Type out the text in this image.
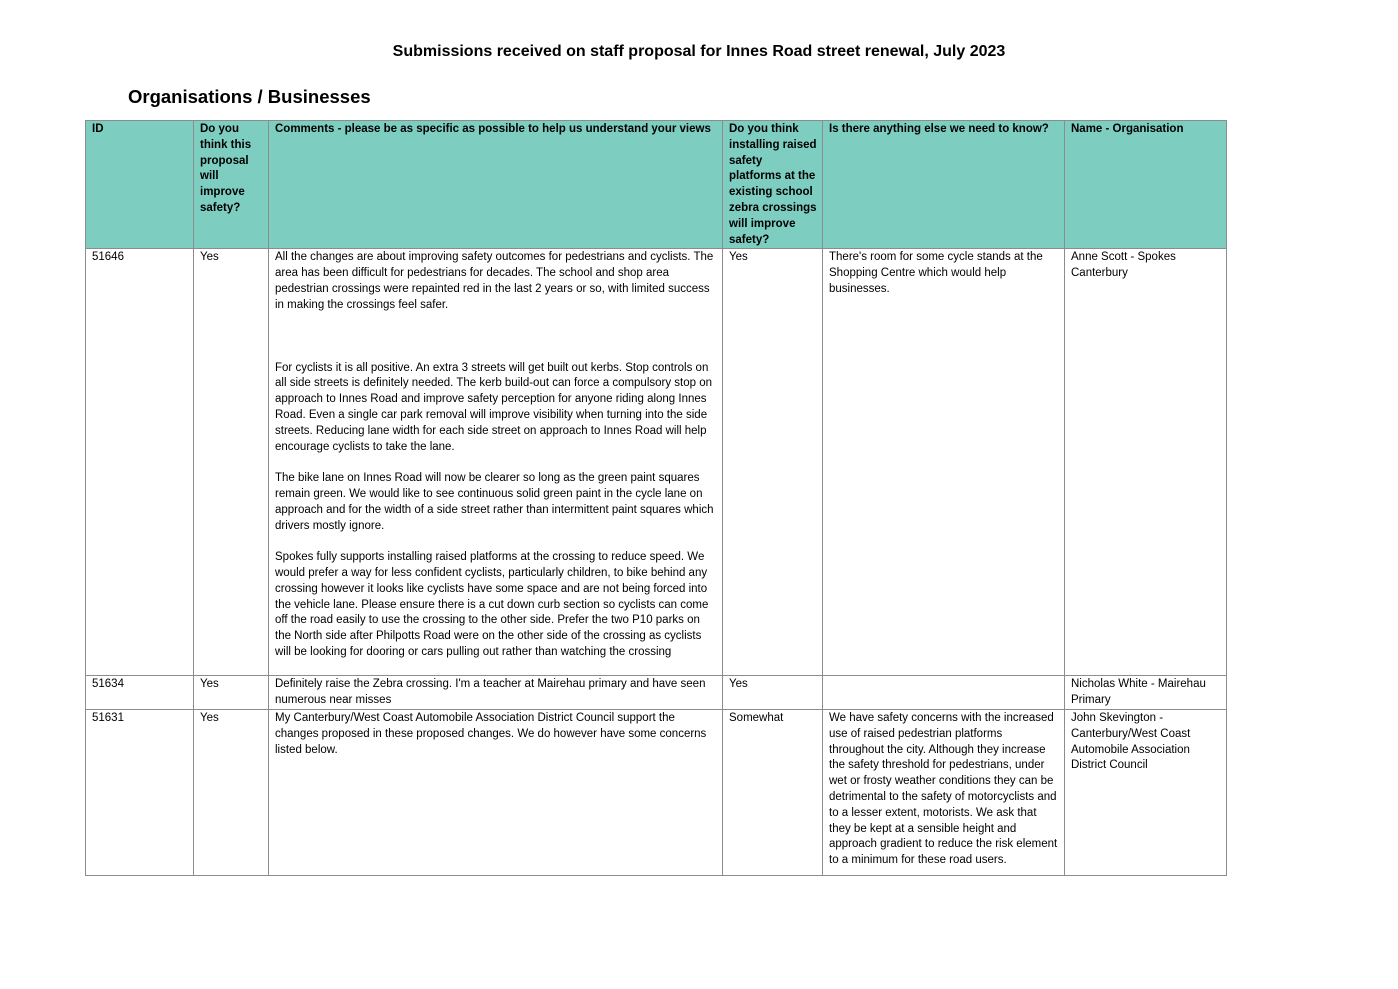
Submissions received on staff proposal for Innes Road street renewal, July 2023
Organisations / Businesses
ID	Do you think this proposal will improve safety?	Comments - please be as specific as possible to help us understand your views	Do you think installing raised safety platforms at the existing school zebra crossings will improve safety?	Is there anything else we need to know?	Name - Organisation
51646	Yes	All the changes are about improving safety outcomes for pedestrians and cyclists. The area has been difficult for pedestrians for decades. The school and shop area pedestrian crossings were repainted red in the last 2 years or so, with limited success in making the crossings feel safer.

For cyclists it is all positive. An extra 3 streets will get built out kerbs. Stop controls on all side streets is definitely needed. The kerb build-out can force a compulsory stop on approach to Innes Road and improve safety perception for anyone riding along Innes Road. Even a single car park removal will improve visibility when turning into the side streets. Reducing lane width for each side street on approach to Innes Road will help encourage cyclists to take the lane.

The bike lane on Innes Road will now be clearer so long as the green paint squares remain green. We would like to see continuous solid green paint in the cycle lane on approach and for the width of a side street rather than intermittent paint squares which drivers mostly ignore.

Spokes fully supports installing raised platforms at the crossing to reduce speed. We would prefer a way for less confident cyclists, particularly children, to bike behind any crossing however it looks like cyclists have some space and are not being forced into the vehicle lane. Please ensure there is a cut down curb section so cyclists can come off the road easily to use the crossing to the other side. Prefer the two P10 parks on the North side after Philpotts Road were on the other side of the crossing as cyclists will be looking for dooring or cars pulling out rather than watching the crossing	Yes	There's room for some cycle stands at the Shopping Centre which would help businesses.	Anne Scott - Spokes Canterbury
51634	Yes	Definitely raise the Zebra crossing. I'm a teacher at Mairehau primary and have seen numerous near misses	Yes		Nicholas White - Mairehau Primary
51631	Yes	My Canterbury/West Coast Automobile Association District Council support the changes proposed in these proposed changes. We do however have some concerns listed below.	Somewhat	We have safety concerns with the increased use of raised pedestrian platforms throughout the city. Although they increase the safety threshold for pedestrians, under wet or frosty weather conditions they can be detrimental to the safety of motorcyclists and to a lesser extent, motorists. We ask that they be kept at a sensible height and approach gradient to reduce the risk element to a minimum for these road users.	John Skevington - Canterbury/West Coast Automobile Association District Council
